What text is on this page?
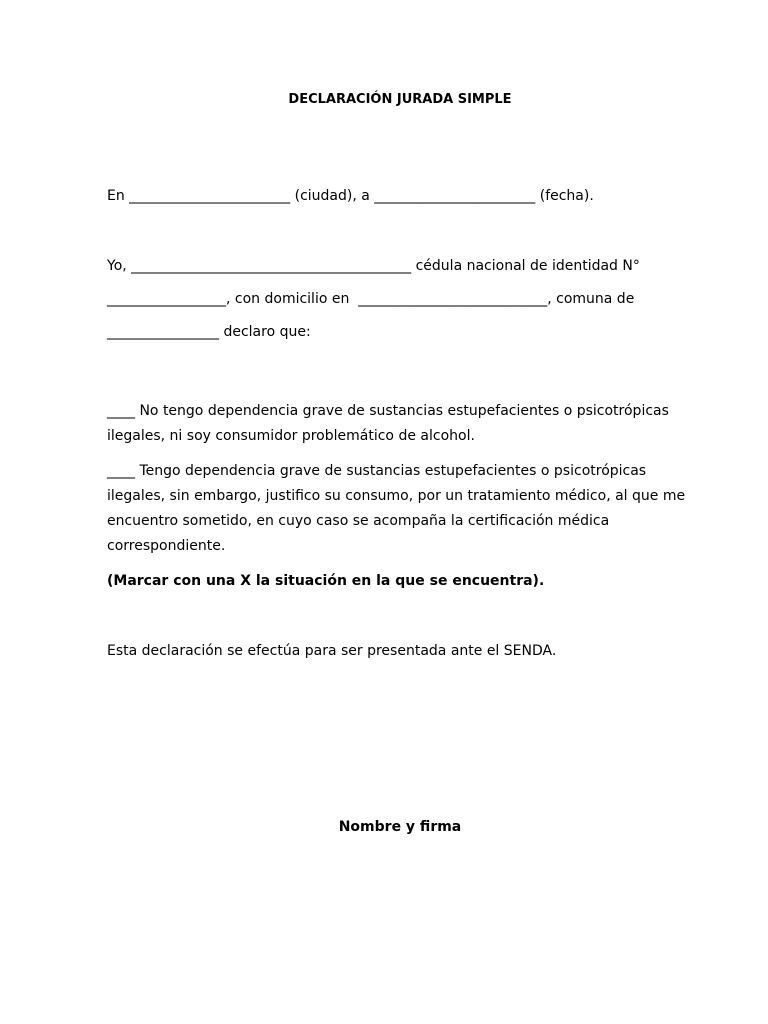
DECLARACIÓN JURADA SIMPLE
En _______________________ (ciudad), a _______________________ (fecha).
Yo, ________________________________________ cédula nacional de identidad N°
_________________, con domicilio en  ___________________________, comuna de
________________ declaro que:
____ No tengo dependencia grave de sustancias estupefacientes o psicotrópicas
ilegales, ni soy consumidor problemático de alcohol.
____ Tengo dependencia grave de sustancias estupefacientes o psicotrópicas
ilegales, sin embargo, justifico su consumo, por un tratamiento médico, al que me
encuentro sometido, en cuyo caso se acompaña la certificación médica
correspondiente.
(Marcar con una X la situación en la que se encuentra).
Esta declaración se efectúa para ser presentada ante el SENDA.
Nombre y firma
